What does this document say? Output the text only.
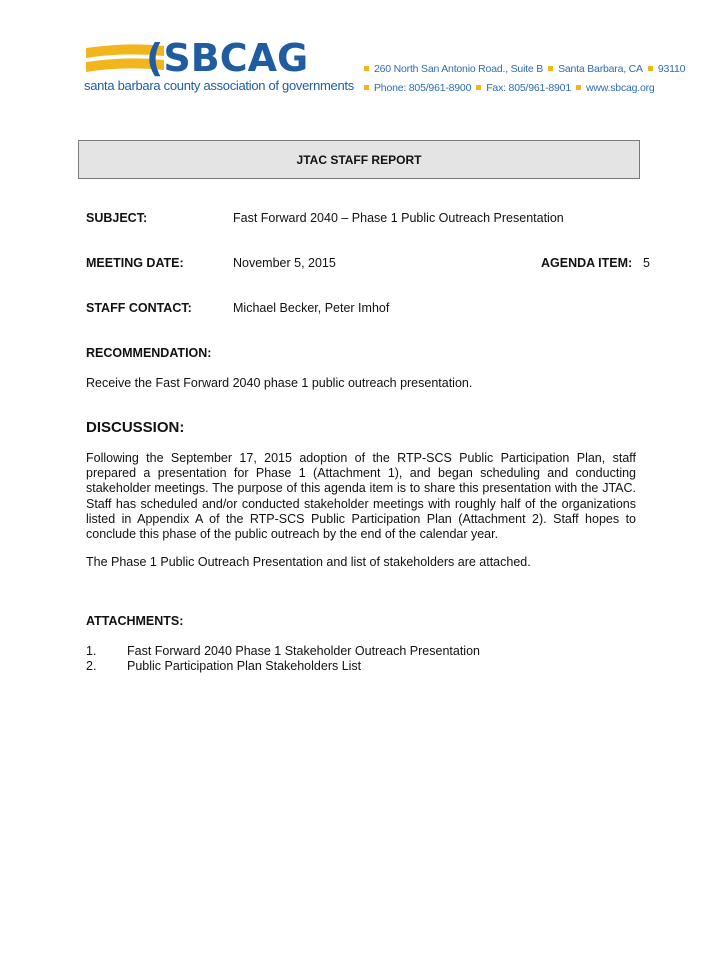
(SBCAG
santa barbara county association of governments
260 North San Antonio Road., Suite B Santa Barbara, CA 93110
Phone: 805/961-8900 Fax: 805/961-8901 www.sbcag.org
JTAC STAFF REPORT
SUBJECT:	Fast Forward 2040 – Phase 1 Public Outreach Presentation
MEETING DATE:	November 5, 2015	AGENDA ITEM: 5
STAFF CONTACT:	Michael Becker, Peter Imhof
RECOMMENDATION:
Receive the Fast Forward 2040 phase 1 public outreach presentation.
DISCUSSION:
Following the September 17, 2015 adoption of the RTP-SCS Public Participation Plan, staff prepared a presentation for Phase 1 (Attachment 1), and began scheduling and conducting stakeholder meetings. The purpose of this agenda item is to share this presentation with the JTAC. Staff has scheduled and/or conducted stakeholder meetings with roughly half of the organizations listed in Appendix A of the RTP-SCS Public Participation Plan (Attachment 2). Staff hopes to conclude this phase of the public outreach by the end of the calendar year.
The Phase 1 Public Outreach Presentation and list of stakeholders are attached.
ATTACHMENTS:
1. Fast Forward 2040 Phase 1 Stakeholder Outreach Presentation
2. Public Participation Plan Stakeholders List
